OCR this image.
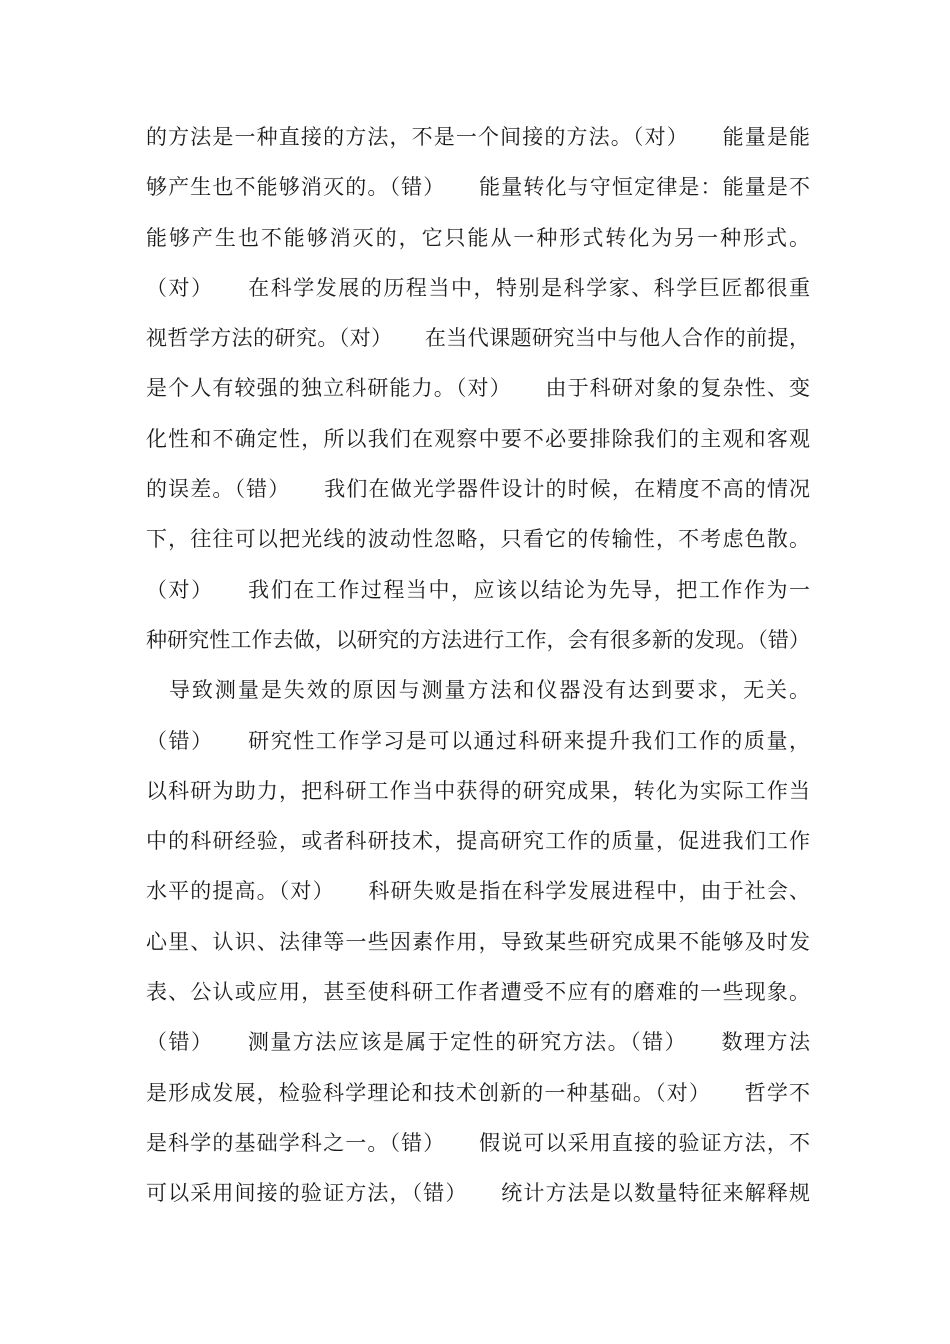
的方法是一种直接的方法，不是一个间接的方法。（对）　　能量是能
够产生也不能够消灭的。（错）　　能量转化与守恒定律是：能量是不
能够产生也不能够消灭的，它只能从一种形式转化为另一种形式。
（对）　　在科学发展的历程当中，特别是科学家、科学巨匠都很重
视哲学方法的研究。（对）　　在当代课题研究当中与他人合作的前提，
是个人有较强的独立科研能力。（对）　　由于科研对象的复杂性、变
化性和不确定性，所以我们在观察中要不必要排除我们的主观和客观
的误差。（错）　　我们在做光学器件设计的时候，在精度不高的情况
下，往往可以把光线的波动性忽略，只看它的传输性，不考虑色散。
（对）　　我们在工作过程当中，应该以结论为先导，把工作作为一
种研究性工作去做，以研究的方法进行工作，会有很多新的发现。（错）
　导致测量是失效的原因与测量方法和仪器没有达到要求，无关。
（错）　　研究性工作学习是可以通过科研来提升我们工作的质量，
以科研为助力，把科研工作当中获得的研究成果，转化为实际工作当
中的科研经验，或者科研技术，提高研究工作的质量，促进我们工作
水平的提高。（对）　　科研失败是指在科学发展进程中，由于社会、
心里、认识、法律等一些因素作用，导致某些研究成果不能够及时发
表、公认或应用，甚至使科研工作者遭受不应有的磨难的一些现象。
（错）　　测量方法应该是属于定性的研究方法。（错）　　数理方法
是形成发展，检验科学理论和技术创新的一种基础。（对）　　哲学不
是科学的基础学科之一。（错）　　假说可以采用直接的验证方法，不
可以采用间接的验证方法，（错）　　统计方法是以数量特征来解释规
